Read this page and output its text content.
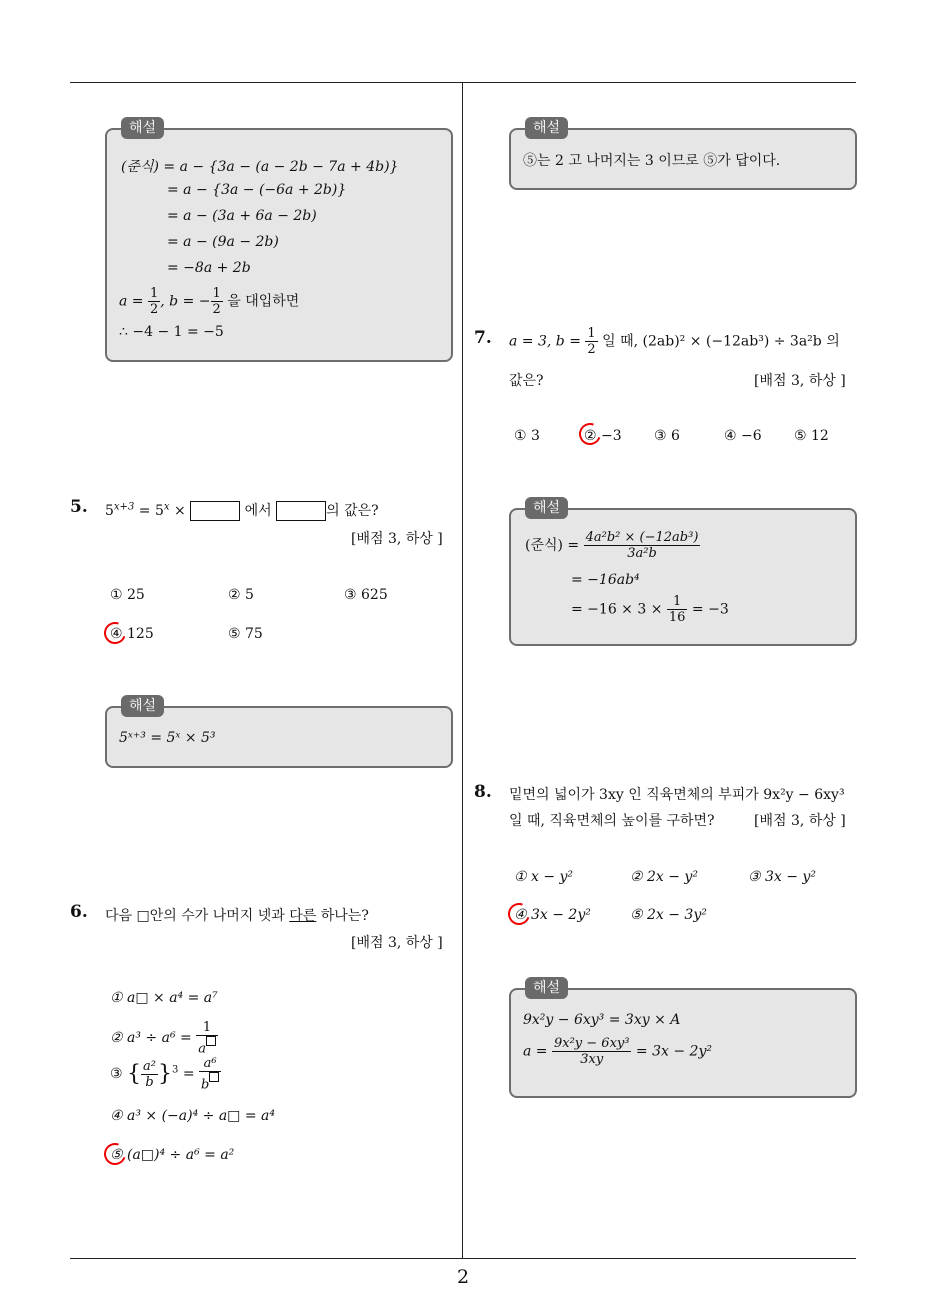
2
해설
(준식) = a − {3a − (a − 2b − 7a + 4b)}
= a − {3a − (−6a + 2b)}
= a − (3a + 6a − 2b)
= a − (9a − 2b)
= −8a + 2b
$a = \frac{1}{2}$ , b = − $\frac{1}{2}$ 을 대입하면
∴ −4 − 1 = −5
5. $5^{x+3} = 5^x$ ×	에서	의 값은?
[배점 3, 하상 ]
① 25	② 5	③ 625
④ 125	⑤ 75
해설
5ˣ⁺³ = 5ˣ × 5³
6. 다음 □안의 수가 나머지 넷과 다른 하나는?
[배점 3, 하상 ]
① a□ × a⁴ = a⁷
② $a^3 \div a^6 = \frac{1}{a}$
③ { $\frac{\text{a²}}{b} \}^3 = \frac{\text{a⁶}}{b}$
④ a³ × (−a)⁴ ÷ a□ = a⁴
⑤ (a□)⁴ ÷ a⁶ = a²
해설
⑤는 2 고 나머지는 3 이므로 ⑤가 답이다.
7. a = 3, $b = \frac{1}{2}$ 일 때, (2ab)² × (−12ab³) ÷ 3a²b 의
값은?	[배점 3, 하상 ]
① 3	② −3 ③ 6	④ −6 ⑤ 12
해설
(준식) = $\frac{\text{4a²b² × (−12ab³)}}{\text{3a²b}}$
= −16ab⁴
= $-16 \times 3 \times \frac{1}{16} = -3$
8. 밑면의 넓이가 3xy 인 직육면체의 부피가 9x²y − 6xy³
일 때, 직육면체의 높이를 구하면?	[배점 3, 하상 ]
① x − y²	② 2x − y²	③ 3x − y²
④ 3x − 2y²	⑤ 2x − 3y²
해설
9x²y − 6xy³ = 3xy × A
$a = \frac{\text{9x²y − 6xy³}}{3xy} = 3x - 2y^2$
